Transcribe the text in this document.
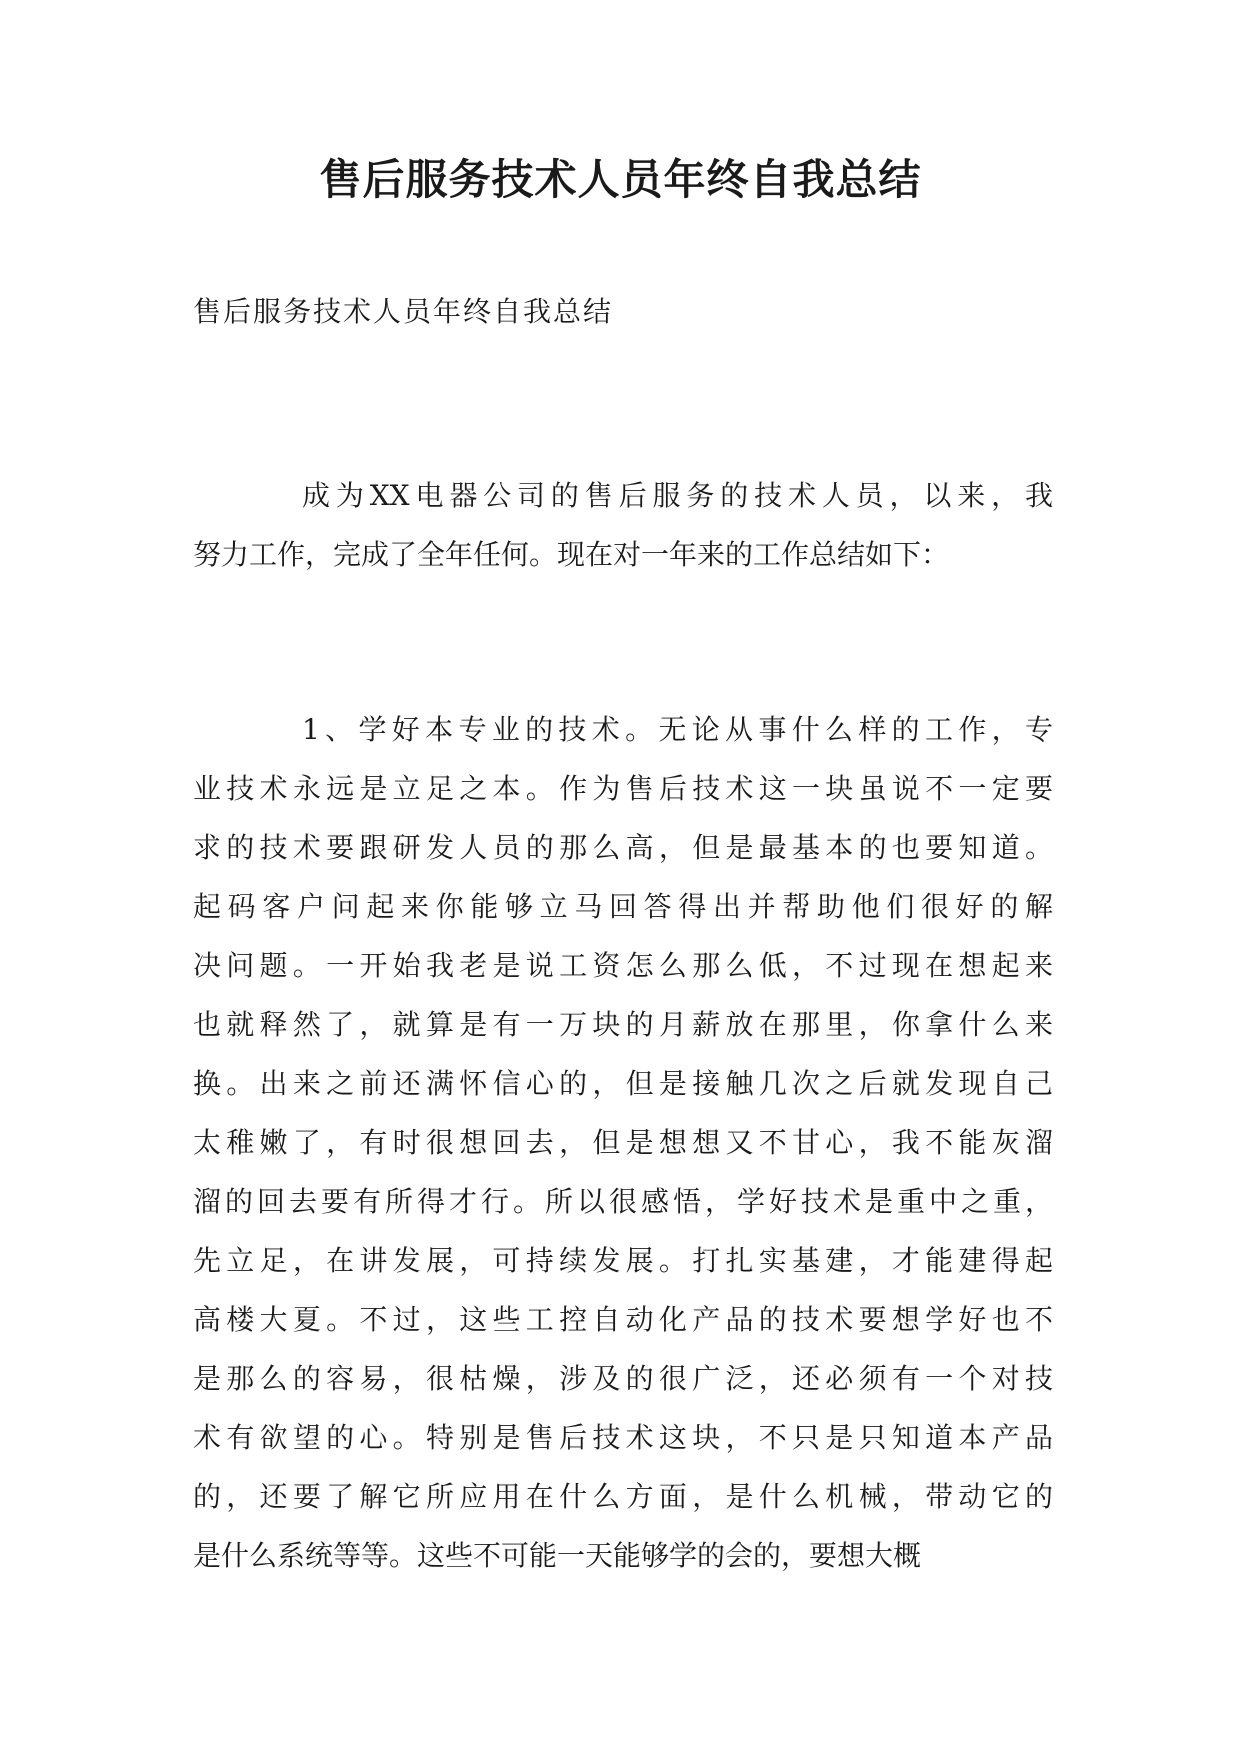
售后服务技术人员年终自我总结

售后服务技术人员年终自我总结

成为XX电器公司的售后服务的技术人员，以来，我
努力工作，完成了全年任何。现在对一年来的工作总结如下：
1、学好本专业的技术。无论从事什么样的工作，专
业技术永远是立足之本。作为售后技术这一块虽说不一定要
求的技术要跟研发人员的那么高，但是最基本的也要知道。
起码客户问起来你能够立马回答得出并帮助他们很好的解
决问题。一开始我老是说工资怎么那么低，不过现在想起来
也就释然了，就算是有一万块的月薪放在那里，你拿什么来
换。出来之前还满怀信心的，但是接触几次之后就发现自己
太稚嫩了，有时很想回去，但是想想又不甘心，我不能灰溜
溜的回去要有所得才行。所以很感悟，学好技术是重中之重，
先立足，在讲发展，可持续发展。打扎实基建，才能建得起
高楼大夏。不过，这些工控自动化产品的技术要想学好也不
是那么的容易，很枯燥，涉及的很广泛，还必须有一个对技
术有欲望的心。特别是售后技术这块，不只是只知道本产品
的，还要了解它所应用在什么方面，是什么机械，带动它的
是什么系统等等。这些不可能一天能够学的会的，要想大概
